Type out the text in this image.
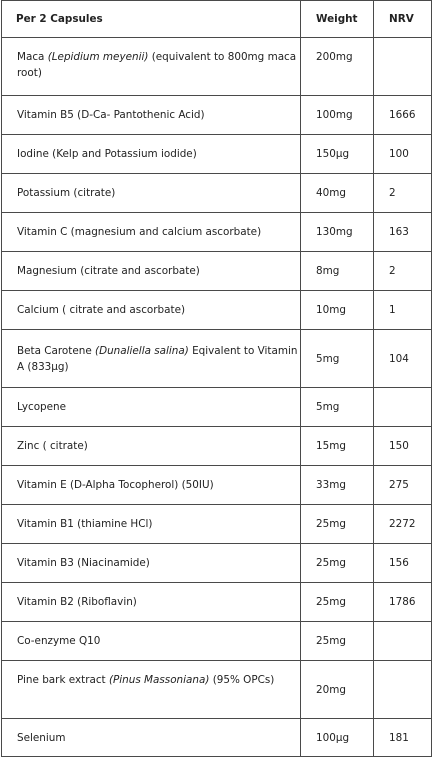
Per 2 Capsules	Weight	NRV
Maca (Lepidium meyenii) (equivalent to 800mg maca root)	200mg	
Vitamin B5 (D-Ca- Pantothenic Acid)	100mg	1666
Iodine (Kelp and Potassium iodide)	150μg	100
Potassium (citrate)	40mg	2
Vitamin C (magnesium and calcium ascorbate)	130mg	163
Magnesium (citrate and ascorbate)	8mg	2
Calcium ( citrate and ascorbate)	10mg	1
Beta Carotene (Dunaliella salina) Eqivalent to Vitamin A (833μg)	5mg	104
Lycopene	5mg	
Zinc ( citrate)	15mg	150
Vitamin E (D-Alpha Tocopherol) (50IU)	33mg	275
Vitamin B1 (thiamine HCl)	25mg	2272
Vitamin B3 (Niacinamide)	25mg	156
Vitamin B2 (Riboflavin)	25mg	1786
Co-enzyme Q10	25mg	
Pine bark extract (Pinus Massoniana) (95% OPCs)	20mg	
Selenium	100μg	181
